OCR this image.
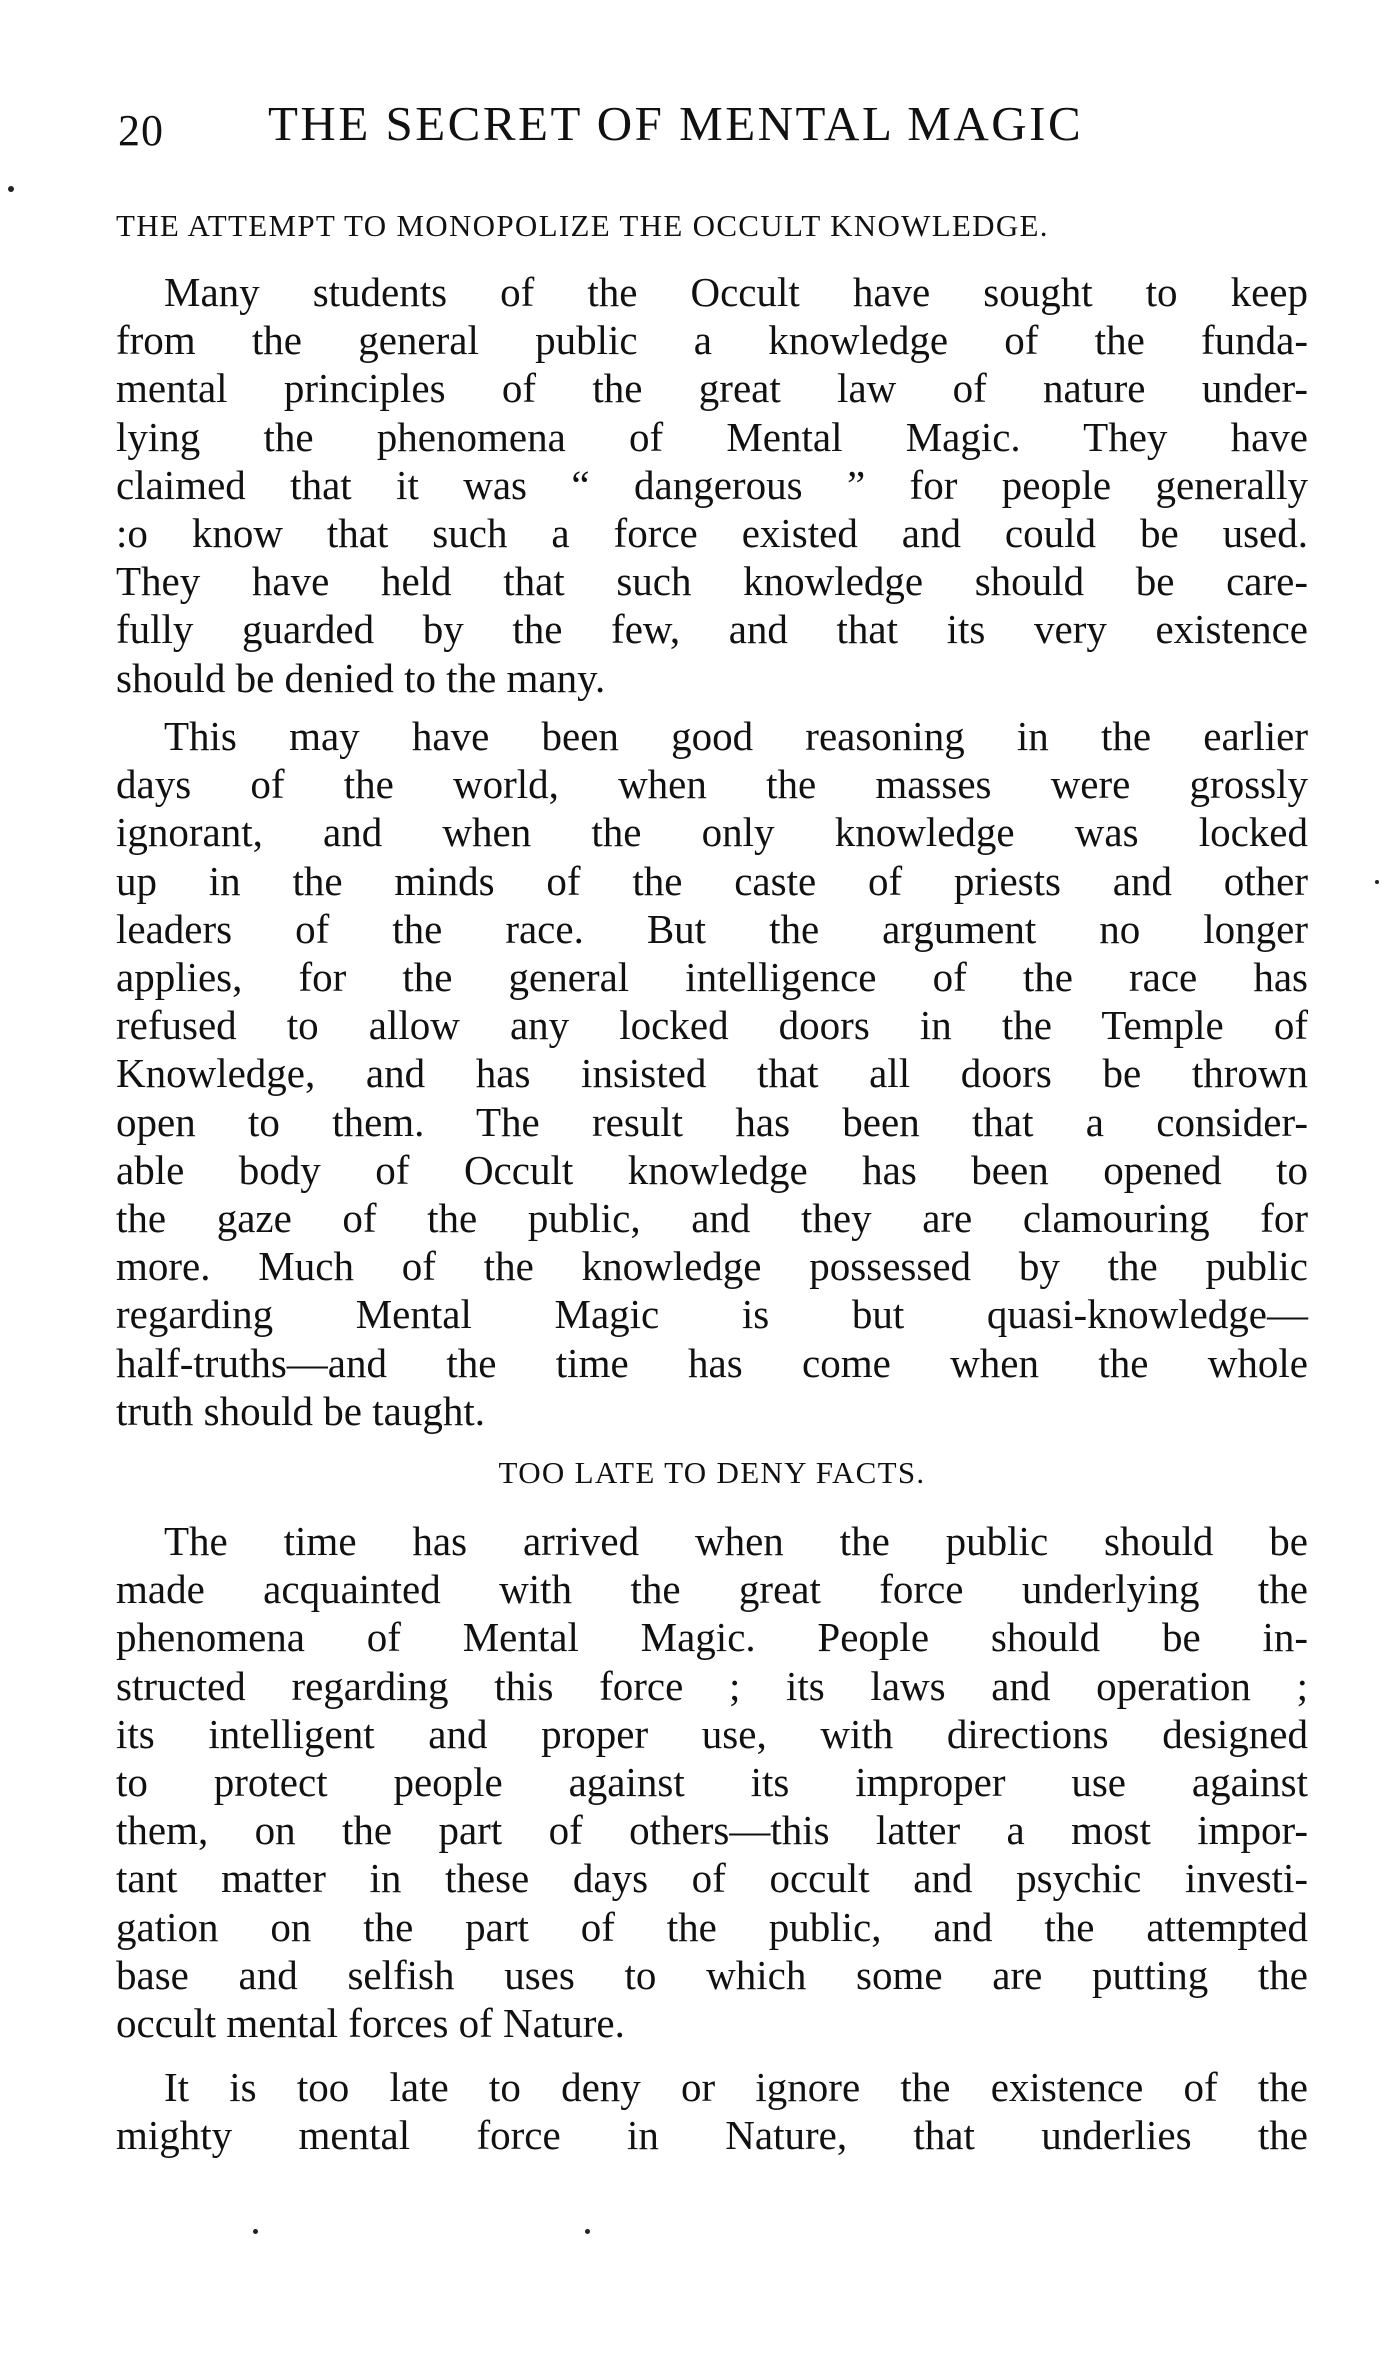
20 THE SECRET OF MENTAL MAGIC

THE ATTEMPT TO MONOPOLIZE THE OCCULT KNOWLEDGE.

Many students of the Occult have sought to keep
from the general public a knowledge of the funda-
mental principles of the great law of nature under-
lying the phenomena of Mental Magic. They have
claimed that it was “ dangerous ” for people generally
:o know that such a force existed and could be used.
They have held that such knowledge should be care-
fully guarded by the few, and that its very existence
should be denied to the many.

This may have been good reasoning in the earlier
days of the world, when the masses were grossly
ignorant, and when the only knowledge was locked
up in the minds of the caste of priests and other
leaders of the race. But the argument no longer
applies, for the general intelligence of the race has
refused to allow any locked doors in the Temple of
Knowledge, and has insisted that all doors be thrown
open to them. The result has been that a consider-
able body of Occult knowledge has been opened to
the gaze of the public, and they are clamouring for
more. Much of the knowledge possessed by the public
regarding Mental Magic is but quasi-knowledge—
half-truths—and the time has come when the whole
truth should be taught.

TOO LATE TO DENY FACTS.

The time has arrived when the public should be
made acquainted with the great force underlying the
phenomena of Mental Magic. People should be in-
structed regarding this force ; its laws and operation ;
its intelligent and proper use, with directions designed
to protect people against its improper use against
them, on the part of others—this latter a most impor-
tant matter in these days of occult and psychic investi-
gation on the part of the public, and the attempted
base and selfish uses to which some are putting the
occult mental forces of Nature.

It is too late to deny or ignore the existence of the
mighty mental force in Nature, that underlies the
